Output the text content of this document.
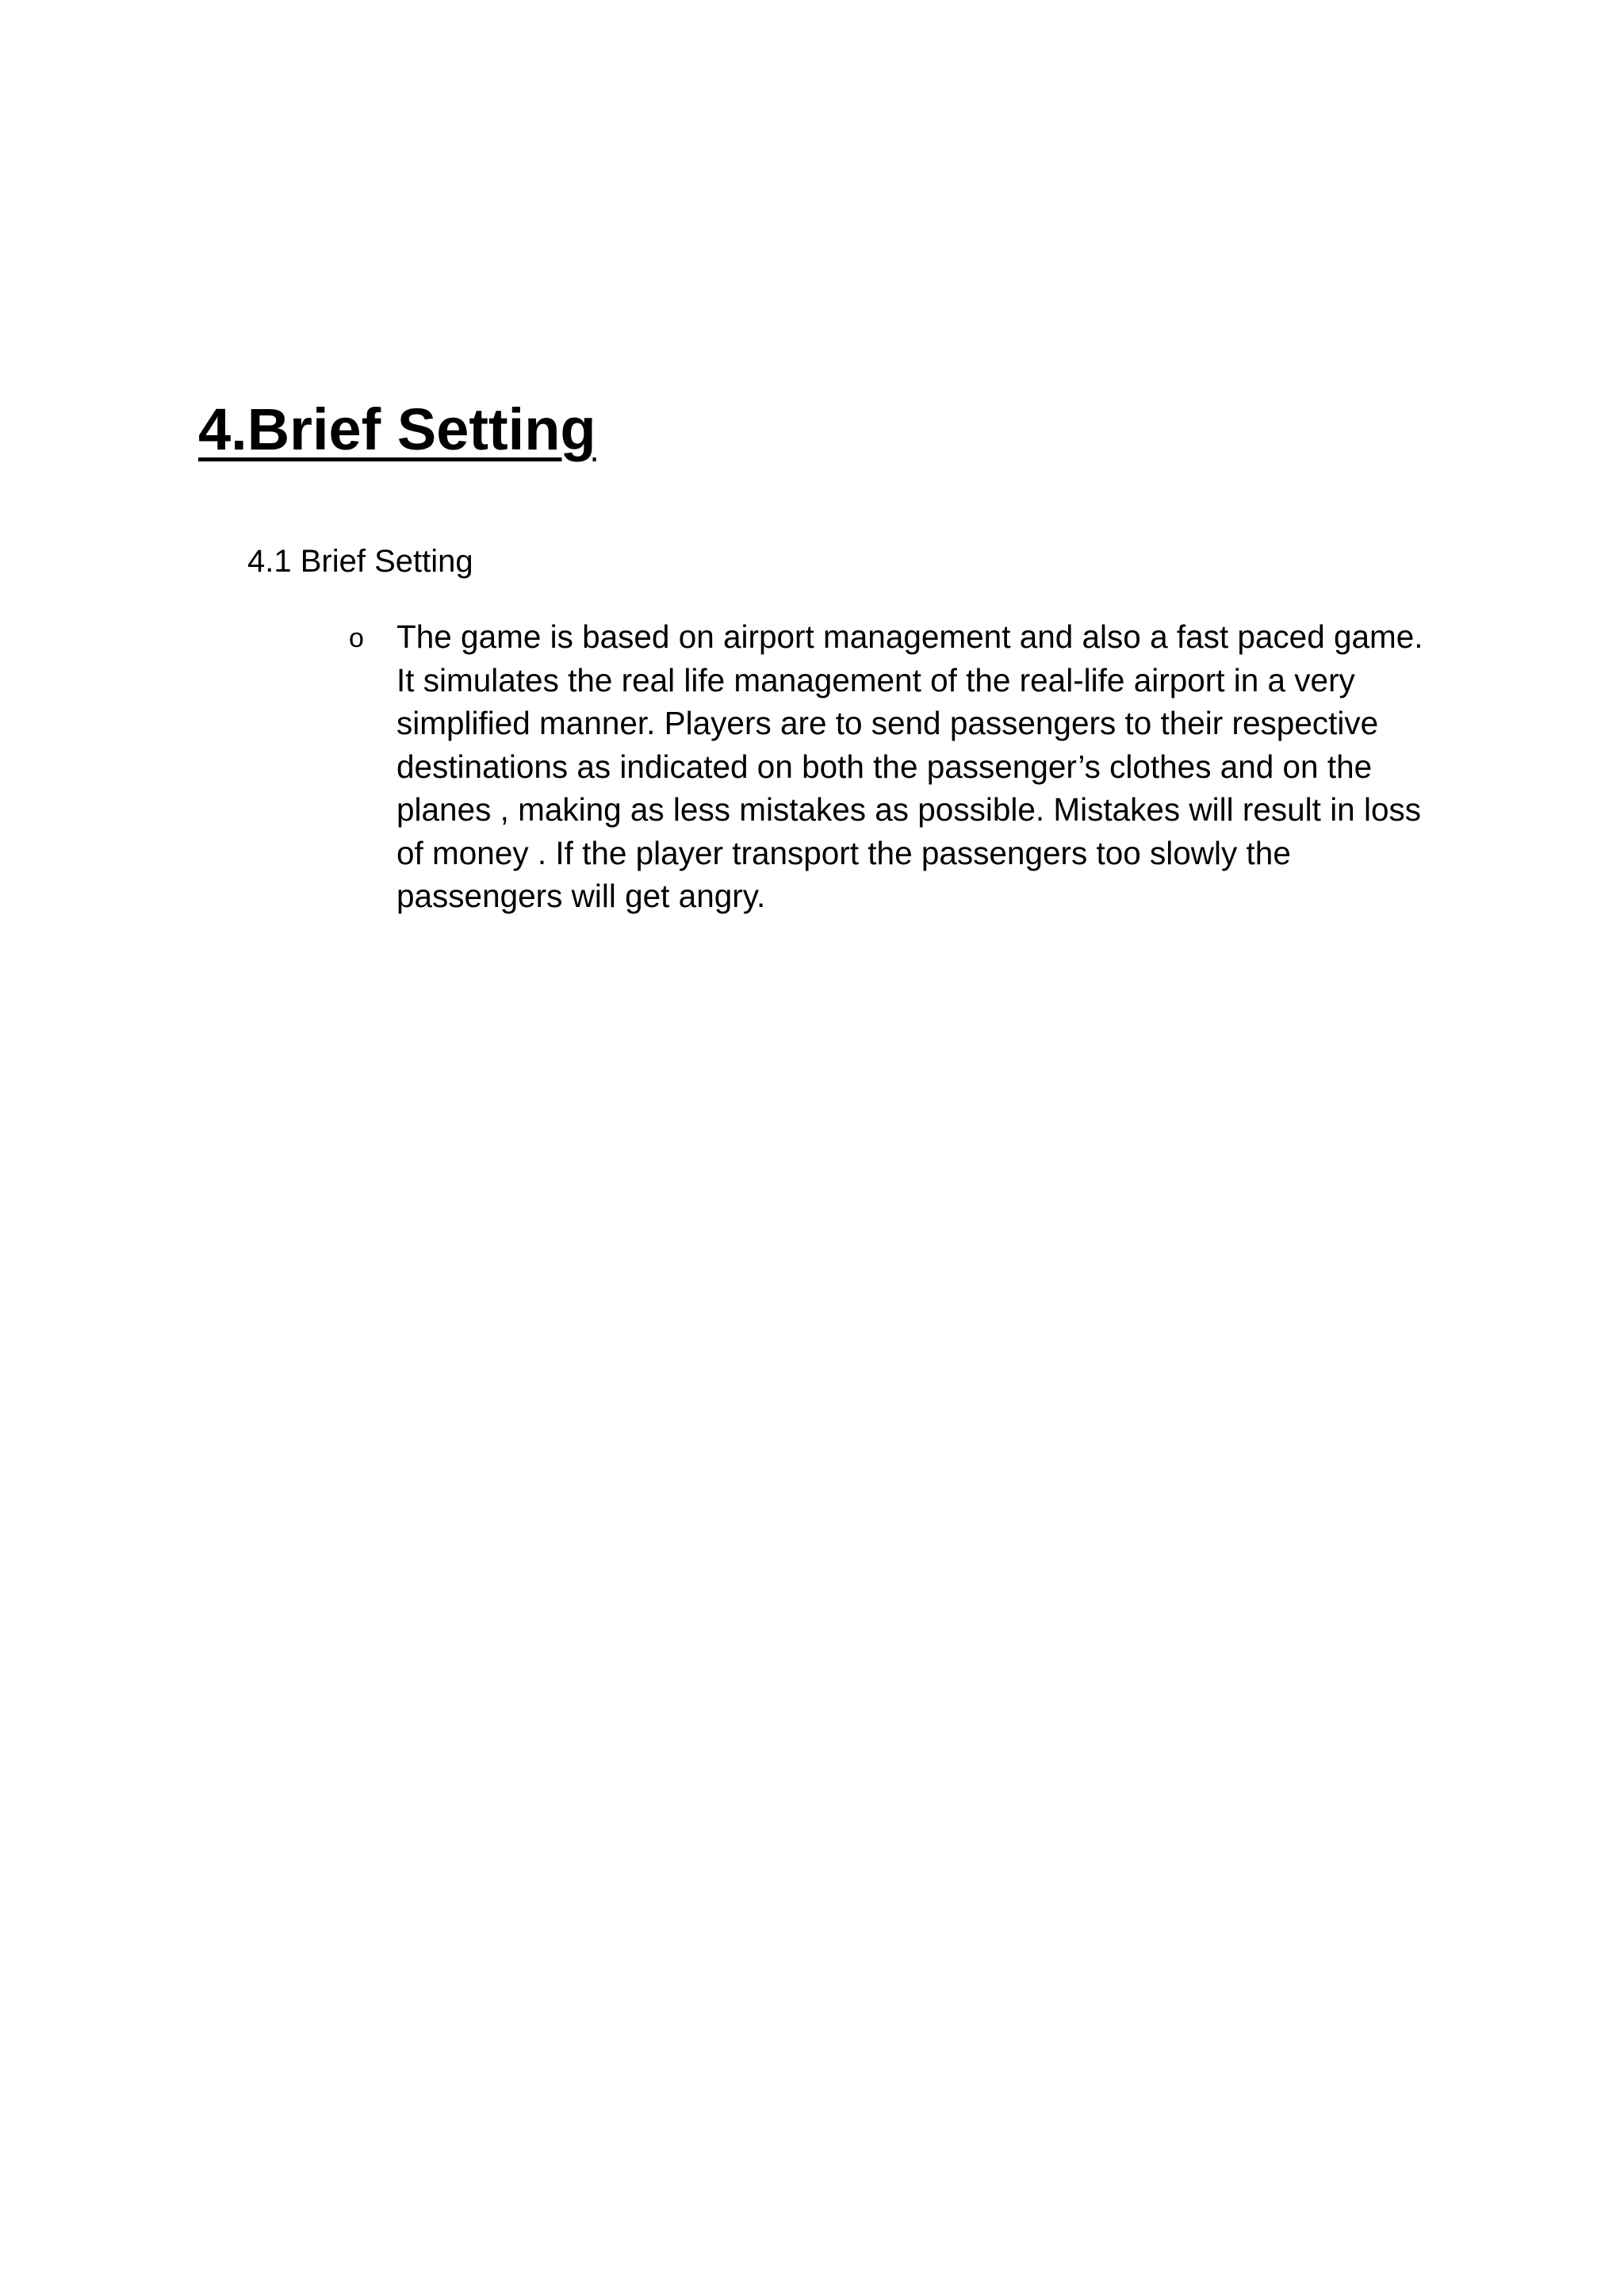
4.Brief Setting
4.1 Brief Setting
o	The game is based on airport management and also a fast paced game. It simulates the real life management of the real-life airport in a very simplified manner. Players are to send passengers to their respective destinations as indicated on both the passenger’s clothes and on the planes , making as less mistakes as possible. Mistakes will result in loss of money . If the player transport the passengers too slowly the passengers will get angry.
